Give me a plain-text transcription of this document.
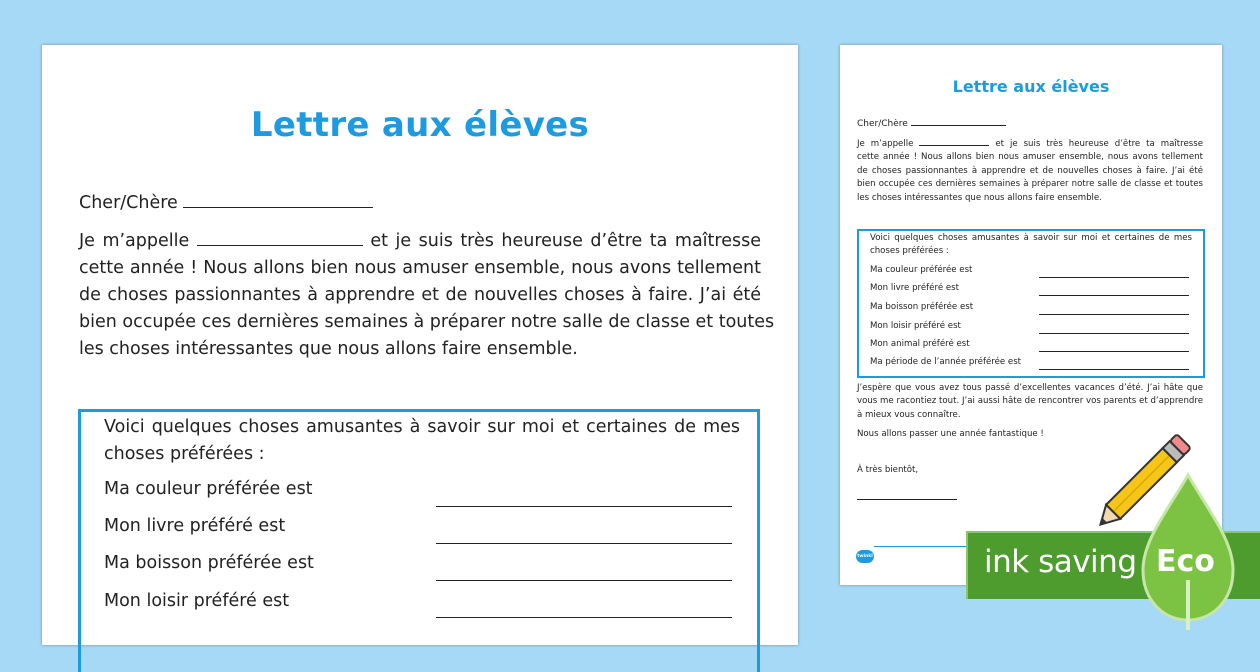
Lettre aux élèves
Cher/Chère
Je m’appelle	et je suis très heureuse d’être ta maîtresse
cette année ! Nous allons bien nous amuser ensemble, nous avons tellement
de choses passionnantes à apprendre et de nouvelles choses à faire. J’ai été
bien occupée ces dernières semaines à préparer notre salle de classe et toutes
les choses intéressantes que nous allons faire ensemble.
Voici quelques choses amusantes à savoir sur moi et certaines de mes
choses préférées :
Ma couleur préférée est
Mon livre préféré est
Ma boisson préférée est
Mon loisir préféré est
Lettre aux élèves
Cher/Chère
Je m’appelle	et je suis très heureuse d’être ta maîtresse
cette année ! Nous allons bien nous amuser ensemble, nous avons tellement
de choses passionnantes à apprendre et de nouvelles choses à faire. J’ai été
bien occupée ces dernières semaines à préparer notre salle de classe et toutes
les choses intéressantes que nous allons faire ensemble.
Voici quelques choses amusantes à savoir sur moi et certaines de mes
choses préférées :
Ma couleur préférée est
Mon livre préféré est
Ma boisson préférée est
Mon loisir préféré est
Mon animal préféré est
Ma période de l’année préférée est
J’espère que vous avez tous passé d’excellentes vacances d’été. J’ai hâte que
vous me racontiez tout. J’ai aussi hâte de rencontrer vos parents et d’apprendre
à mieux vous connaître.
Nous allons passer une année fantastique !
À très bientôt,
twinkl	ink saving Eco
